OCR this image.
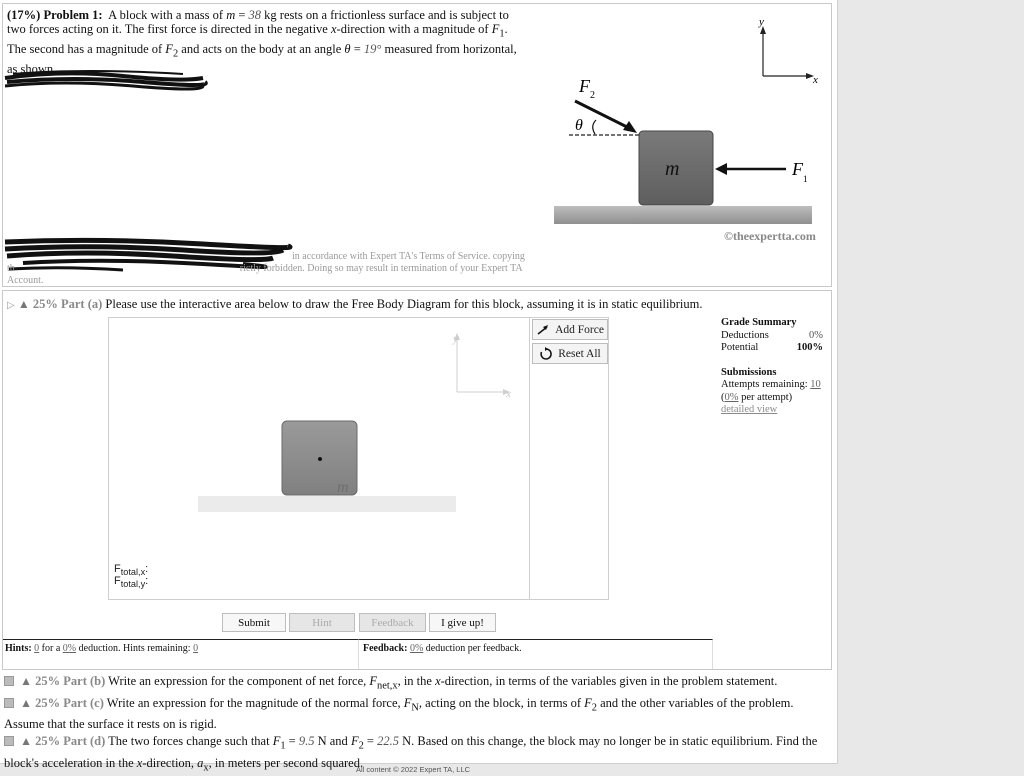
(17%) Problem 1: A block with a mass of m = 38 kg rests on a frictionless surface and is subject to two forces acting on it. The first force is directed in the negative x-direction with a magnitude of $F_1$. The second has a magnitude of $F_2$ and acts on the body at an angle θ = 19° measured from horizontal, as shown.
in accordance with Expert TA's Terms of Service. copying
th	rictly forbidden. Doing so may result in termination of your Expert TA
Account.
y
x
m
F 2
θ
F 1
©theexpertta.com
▷ ▲ 25% Part (a) Please use the interactive area below to draw the Free Body Diagram for this block, assuming it is in static equilibrium.
y
x
m
$F_{total,x}$:
$F_{total,y}$:
Add Force
Reset All
Grade Summary
Deductions	0%
Potential	100%
Submissions
Attempts remaining: 10
(0% per attempt)
detailed view
Submit	Hint	Feedback	I give up!
Hints: 0 for a 0% deduction. Hints remaining: 0	Feedback: 0% deduction per feedback.
▲ 25% Part (b) Write an expression for the component of net force, $F_{net,x}$, in the x-direction, in terms of the variables given in the problem statement.
▲ 25% Part (c) Write an expression for the magnitude of the normal force, $F_N$, acting on the block, in terms of $F_2$ and the other variables of the problem. Assume that the surface it rests on is rigid.
▲ 25% Part (d) The two forces change such that $F_1 = 9.5$ N and $F_2 = 22.5$ N. Based on this change, the block may no longer be in static equilibrium. Find the block's acceleration in the x-direction, $a_x$, in meters per second squared.
All content © 2022 Expert TA, LLC
